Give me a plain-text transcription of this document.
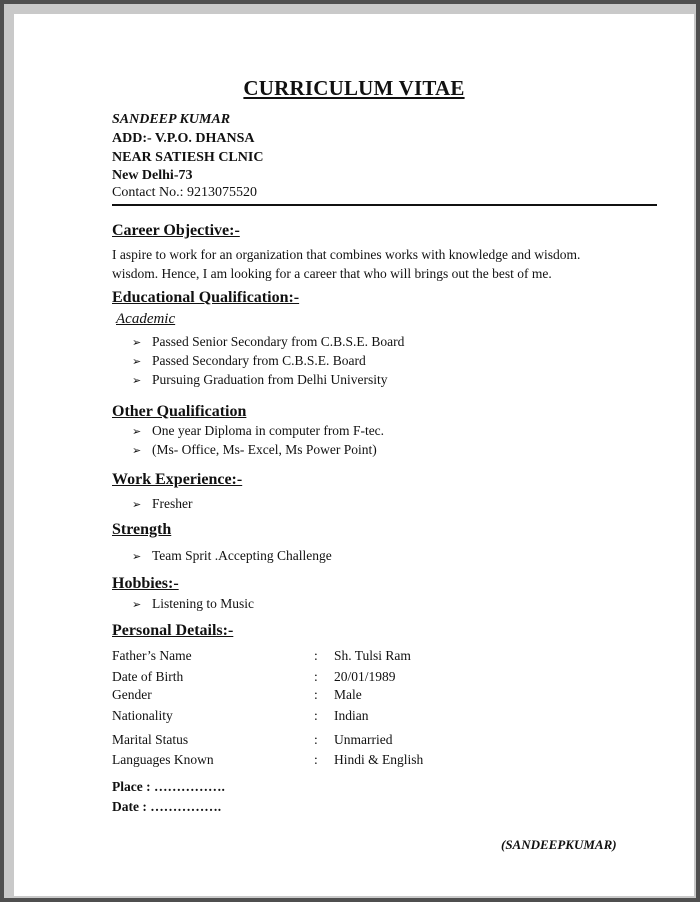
CURRICULUM VITAE
SANDEEP KUMAR
ADD:- V.P.O. DHANSA
NEAR SATIESH CLNIC
New Delhi-73
Contact No.: 9213075520
Career Objective:-
I aspire to work for an organization that combines works with knowledge and wisdom.
wisdom. Hence, I am looking for a career that who will brings out the best of me.
Educational Qualification:-
Academic
➢ Passed Senior Secondary from C.B.S.E. Board
➢ Passed Secondary from C.B.S.E. Board
➢ Pursuing Graduation from Delhi University
Other Qualification
➢ One year Diploma in computer from F-tec.
➢ (Ms- Office, Ms- Excel, Ms Power Point)
Work Experience:-
➢ Fresher
Strength
➢ Team Sprit .Accepting Challenge
Hobbies:-
➢ Listening to Music
Personal Details:-
Father’s Name	: Sh. Tulsi Ram
Date of Birth	: 20/01/1989
Gender	: Male
Nationality	: Indian
Marital Status	: Unmarried
Languages Known	: Hindi & English
Place : …………….
Date : …………….
(SANDEEPKUMAR)
